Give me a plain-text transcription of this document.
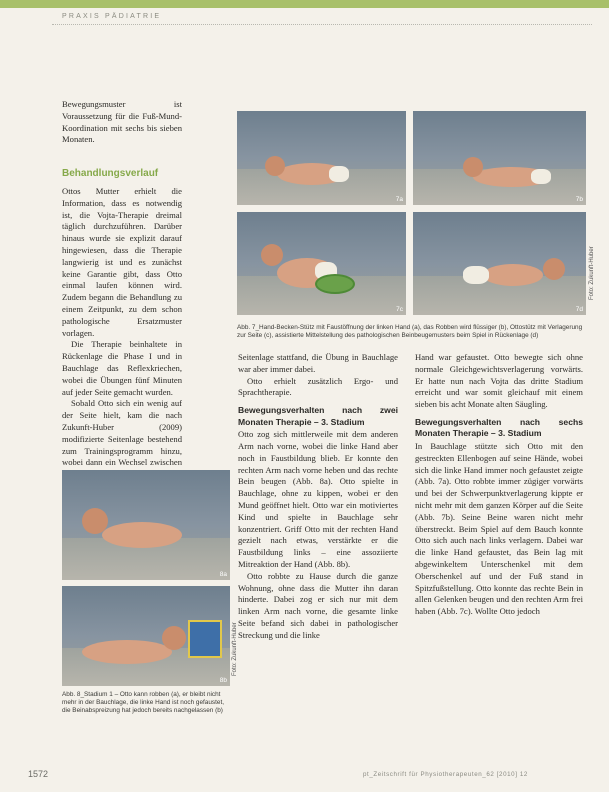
PRAXIS PÄDIATRIE

Bewegungsmuster ist Voraussetzung für die Fuß-Mund-Koordination mit sechs bis sieben Monaten.

Behandlungsverlauf

Ottos Mutter erhielt die Information, dass es notwendig ist, die Vojta-Therapie dreimal täglich durchzuführen. Darüber hinaus wurde sie explizit darauf hingewiesen, dass die Therapie langwierig ist und es zunächst keine Garantie gibt, dass Otto einmal laufen können wird. Zudem begann die Behandlung zu einem Zeitpunkt, zu dem schon pathologische Ersatzmuster vorlagen.

Die Therapie beinhaltete in Rückenlage die Phase I und in Bauchlage das Reflexkriechen, wobei die Übungen fünf Minuten auf jeder Seite gemacht wurden.

Sobald Otto sich ein wenig auf der Seite hielt, kam die nach Zukunft-Huber (2009) modifizierte Seitenlage bestehend zum Trainingsprogramm hinzu, wobei dann ein Wechsel zwischen

7a	7b
7c	7d
Foto: Zukunft-Huber
Abb. 7_Hand-Becken-Stütz mit Faustöffnung der linken Hand (a), das Robben wird flüssiger (b), Ottostütz mit Verlagerung zur Seite (c), assistierte Mittelstellung des pathologischen Beinbeugemusters beim Spiel in Rückenlage (d)
8a
8b
Foto: Zukunft-Huber
Abb. 8_Stadium 1 – Otto kann robben (a), er bleibt nicht mehr in der Bauchlage, die linke Hand ist noch gefaustet, die Beinabspreizung hat jedoch bereits nachgelassen (b)

Seitenlage stattfand, die Übung in Bauchlage war aber immer dabei.

Otto erhielt zusätzlich Ergo- und Sprachtherapie.

Bewegungsverhalten nach zwei Monaten Therapie – 3. Stadium

Otto zog sich mittlerweile mit dem anderen Arm nach vorne, wobei die linke Hand aber noch in Faustbildung blieb. Er konnte den rechten Arm nach vorne heben und das rechte Bein beugen (Abb. 8a). Otto spielte in Bauchlage, ohne zu kippen, wobei er den Mund geöffnet hielt. Otto war ein motiviertes Kind und spielte in Bauchlage sehr konzentriert. Griff Otto mit der rechten Hand gezielt nach etwas, verstärkte er die Faustbildung links – eine assoziierte Mitreaktion der Hand (Abb. 8b).

Otto robbte zu Hause durch die ganze Wohnung, ohne dass die Mutter ihn daran hinderte. Dabei zog er sich nur mit dem linken Arm nach vorne, die gesamte linke Seite befand sich dabei in pathologischer Streckung und die linke

Hand war gefaustet. Otto bewegte sich ohne normale Gleichgewichtsverlagerung vorwärts. Er hatte nun nach Vojta das dritte Stadium erreicht und war somit gleichauf mit einem sieben bis acht Monate alten Säugling.

Bewegungsverhalten nach sechs Monaten Therapie – 3. Stadium

In Bauchlage stützte sich Otto mit den gestreckten Ellenbogen auf seine Hände, wobei sich die linke Hand immer noch gefaustet zeigte (Abb. 7a). Otto robbte immer zügiger vorwärts und bei der Schwerpunktverlagerung kippte er nicht mehr mit dem ganzen Körper auf die Seite (Abb. 7b). Seine Beine waren nicht mehr überstreckt. Beim Spiel auf dem Bauch konnte Otto sich auch nach links verlagern. Dabei war die linke Hand gefaustet, das Bein lag mit abgewinkeltem Unterschenkel mit dem Oberschenkel auf und der Fuß stand in Spitzfußstellung. Otto konnte das rechte Bein in allen Gelenken beugen und den rechten Arm frei haben (Abb. 7c). Wollte Otto jedoch

1572	pt_Zeitschrift für Physiotherapeuten_62 [2010] 12
